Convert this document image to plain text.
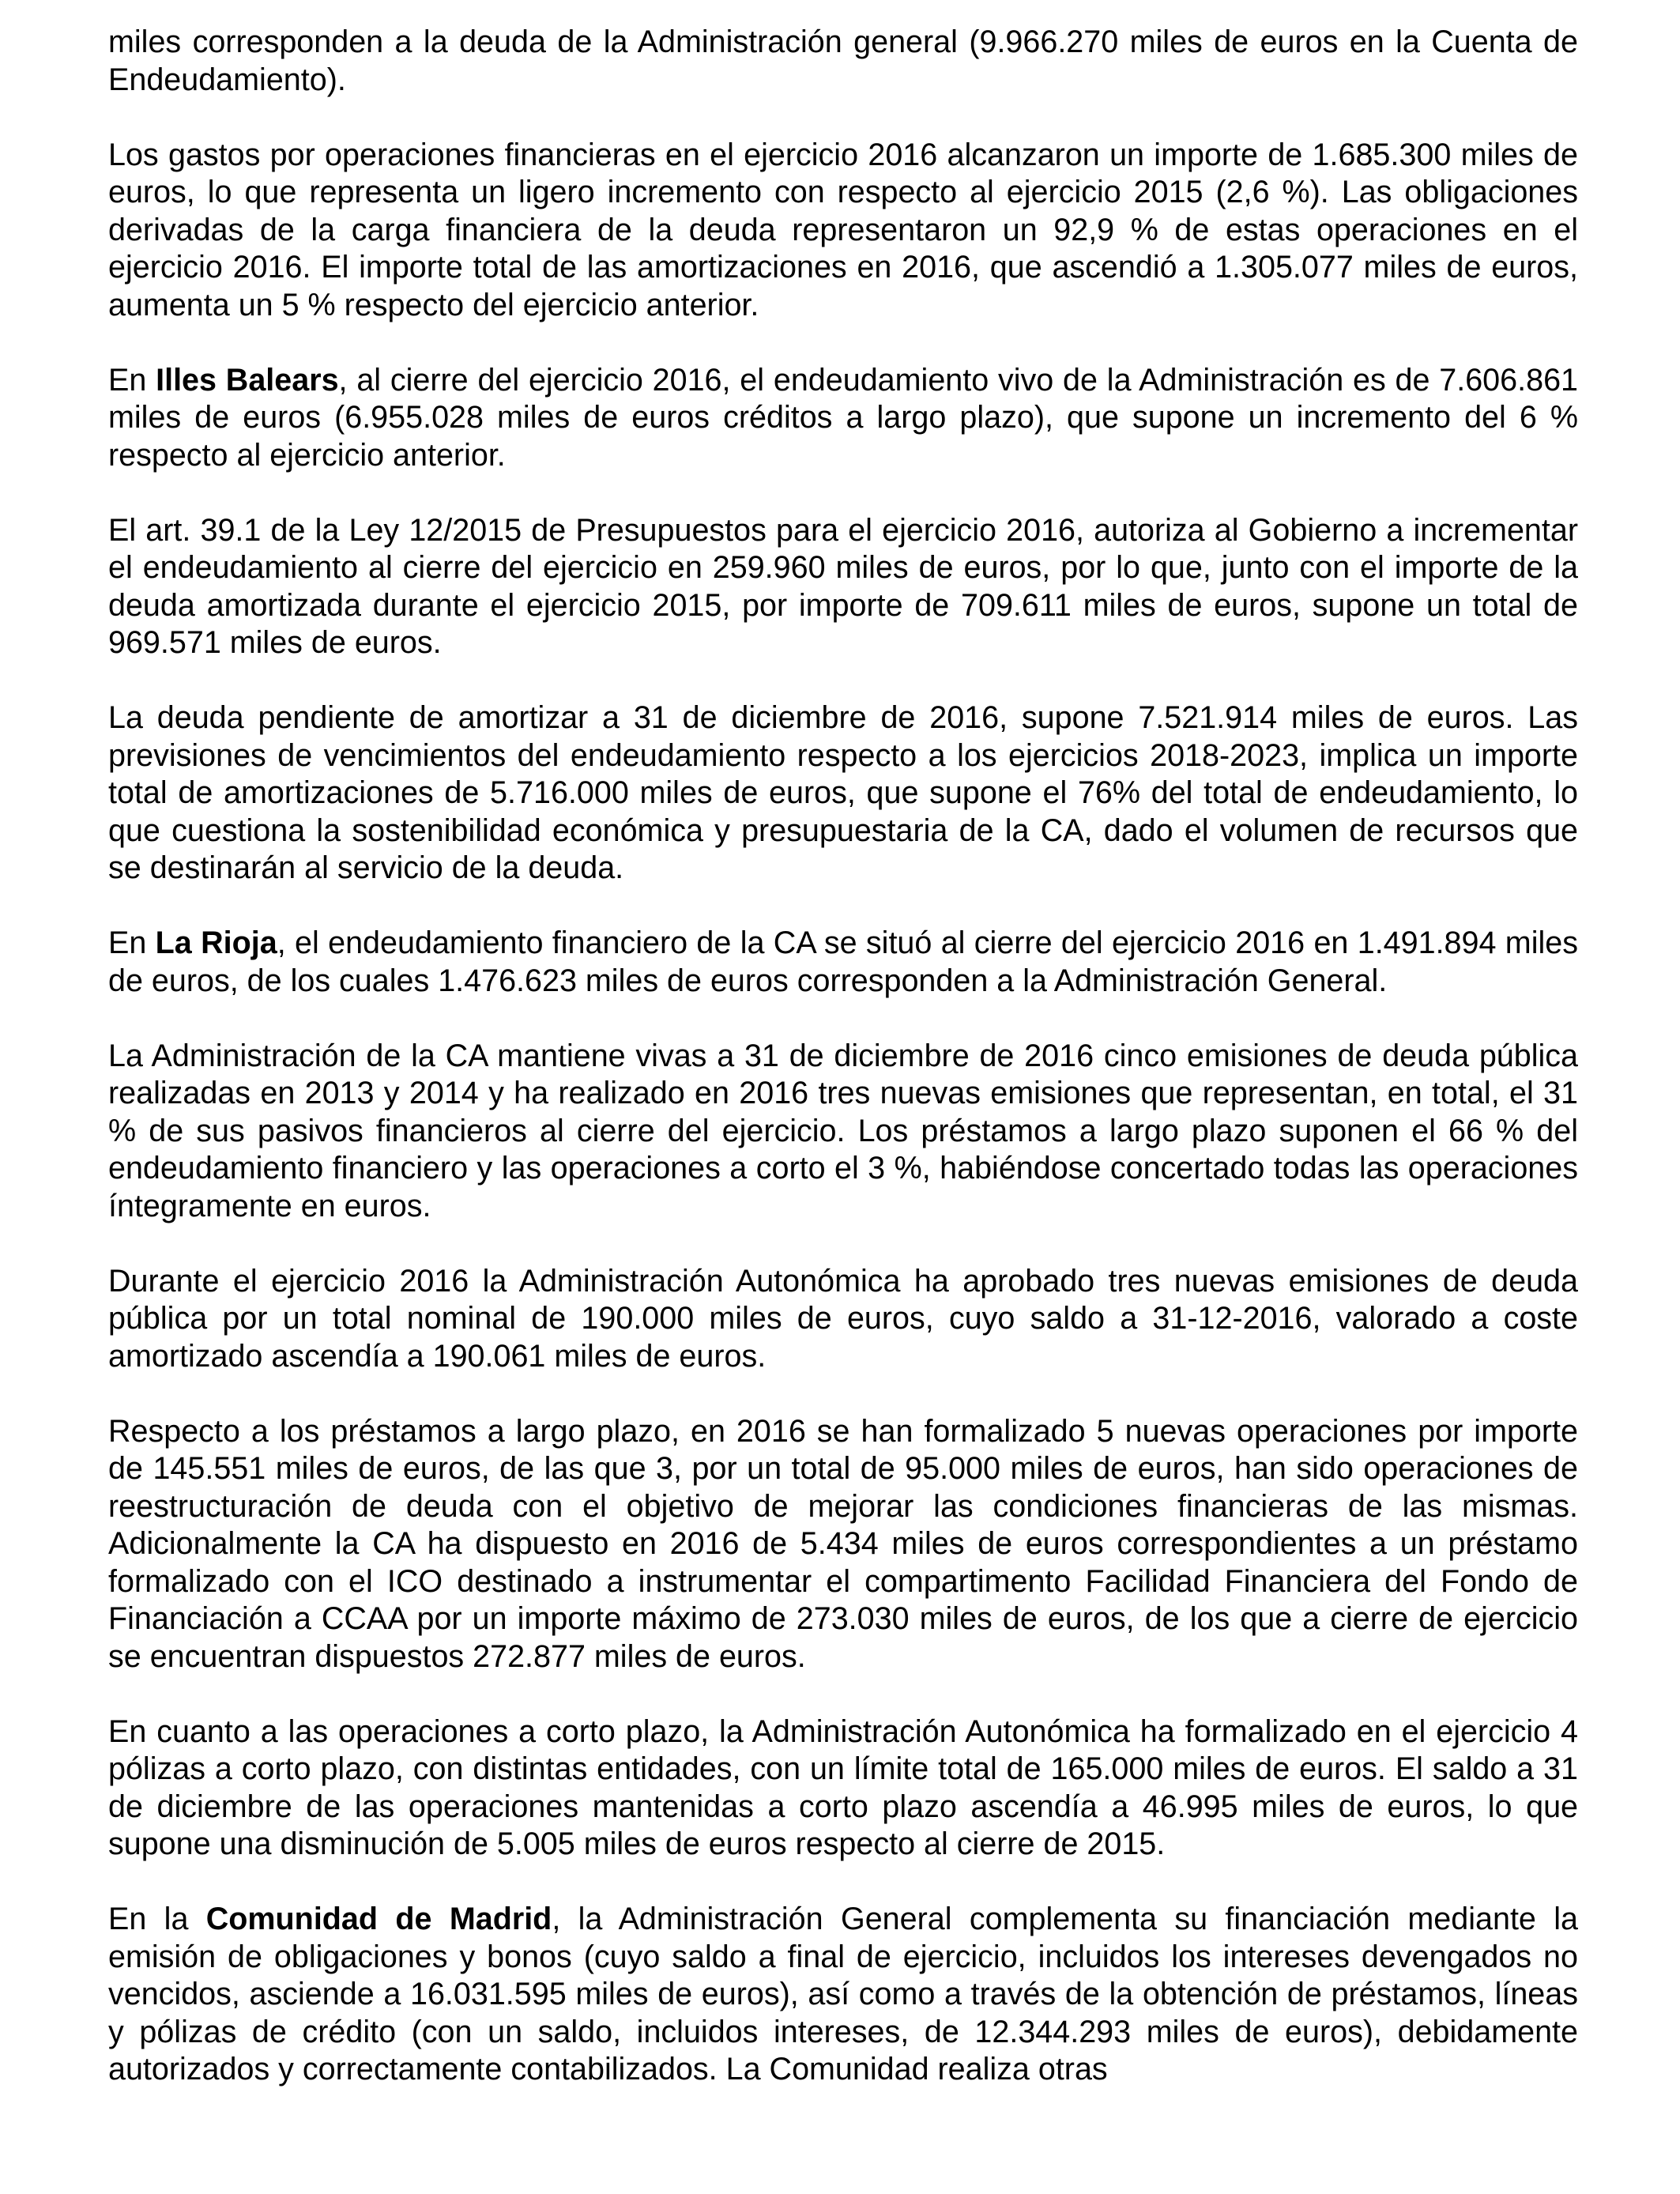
miles corresponden a la deuda de la Administración general (9.966.270 miles de euros en la Cuenta de Endeudamiento).

Los gastos por operaciones financieras en el ejercicio 2016 alcanzaron un importe de 1.685.300 miles de euros, lo que representa un ligero incremento con respecto al ejercicio 2015 (2,6 %). Las obligaciones derivadas de la carga financiera de la deuda representaron un 92,9 % de estas operaciones en el ejercicio 2016. El importe total de las amortizaciones en 2016, que ascendió a 1.305.077 miles de euros, aumenta un 5 % respecto del ejercicio anterior.

En Illes Balears, al cierre del ejercicio 2016, el endeudamiento vivo de la Administración es de 7.606.861 miles de euros (6.955.028 miles de euros créditos a largo plazo), que supone un incremento del 6 % respecto al ejercicio anterior.

El art. 39.1 de la Ley 12/2015 de Presupuestos para el ejercicio 2016, autoriza al Gobierno a incrementar el endeudamiento al cierre del ejercicio en 259.960 miles de euros, por lo que, junto con el importe de la deuda amortizada durante el ejercicio 2015, por importe de 709.611 miles de euros, supone un total de 969.571 miles de euros.

La deuda pendiente de amortizar a 31 de diciembre de 2016, supone 7.521.914 miles de euros. Las previsiones de vencimientos del endeudamiento respecto a los ejercicios 2018-2023, implica un importe total de amortizaciones de 5.716.000 miles de euros, que supone el 76% del total de endeudamiento, lo que cuestiona la sostenibilidad económica y presupuestaria de la CA, dado el volumen de recursos que se destinarán al servicio de la deuda.

En La Rioja, el endeudamiento financiero de la CA se situó al cierre del ejercicio 2016 en 1.491.894 miles de euros, de los cuales 1.476.623 miles de euros corresponden a la Administración General.

La Administración de la CA mantiene vivas a 31 de diciembre de 2016 cinco emisiones de deuda pública realizadas en 2013 y 2014 y ha realizado en 2016 tres nuevas emisiones que representan, en total, el 31 % de sus pasivos financieros al cierre del ejercicio. Los préstamos a largo plazo suponen el 66 % del endeudamiento financiero y las operaciones a corto el 3 %, habiéndose concertado todas las operaciones íntegramente en euros.

Durante el ejercicio 2016 la Administración Autonómica ha aprobado tres nuevas emisiones de deuda pública por un total nominal de 190.000 miles de euros, cuyo saldo a 31-12-2016, valorado a coste amortizado ascendía a 190.061 miles de euros.

Respecto a los préstamos a largo plazo, en 2016 se han formalizado 5 nuevas operaciones por importe de 145.551 miles de euros, de las que 3, por un total de 95.000 miles de euros, han sido operaciones de reestructuración de deuda con el objetivo de mejorar las condiciones financieras de las mismas. Adicionalmente la CA ha dispuesto en 2016 de 5.434 miles de euros correspondientes a un préstamo formalizado con el ICO destinado a instrumentar el compartimento Facilidad Financiera del Fondo de Financiación a CCAA por un importe máximo de 273.030 miles de euros, de los que a cierre de ejercicio se encuentran dispuestos 272.877 miles de euros.

En cuanto a las operaciones a corto plazo, la Administración Autonómica ha formalizado en el ejercicio 4 pólizas a corto plazo, con distintas entidades, con un límite total de 165.000 miles de euros. El saldo a 31 de diciembre de las operaciones mantenidas a corto plazo ascendía a 46.995 miles de euros, lo que supone una disminución de 5.005 miles de euros respecto al cierre de 2015.

En la Comunidad de Madrid, la Administración General complementa su financiación mediante la emisión de obligaciones y bonos (cuyo saldo a final de ejercicio, incluidos los intereses devengados no vencidos, asciende a 16.031.595 miles de euros), así como a través de la obtención de préstamos, líneas y pólizas de crédito (con un saldo, incluidos intereses, de 12.344.293 miles de euros), debidamente autorizados y correctamente contabilizados. La Comunidad realiza otras
